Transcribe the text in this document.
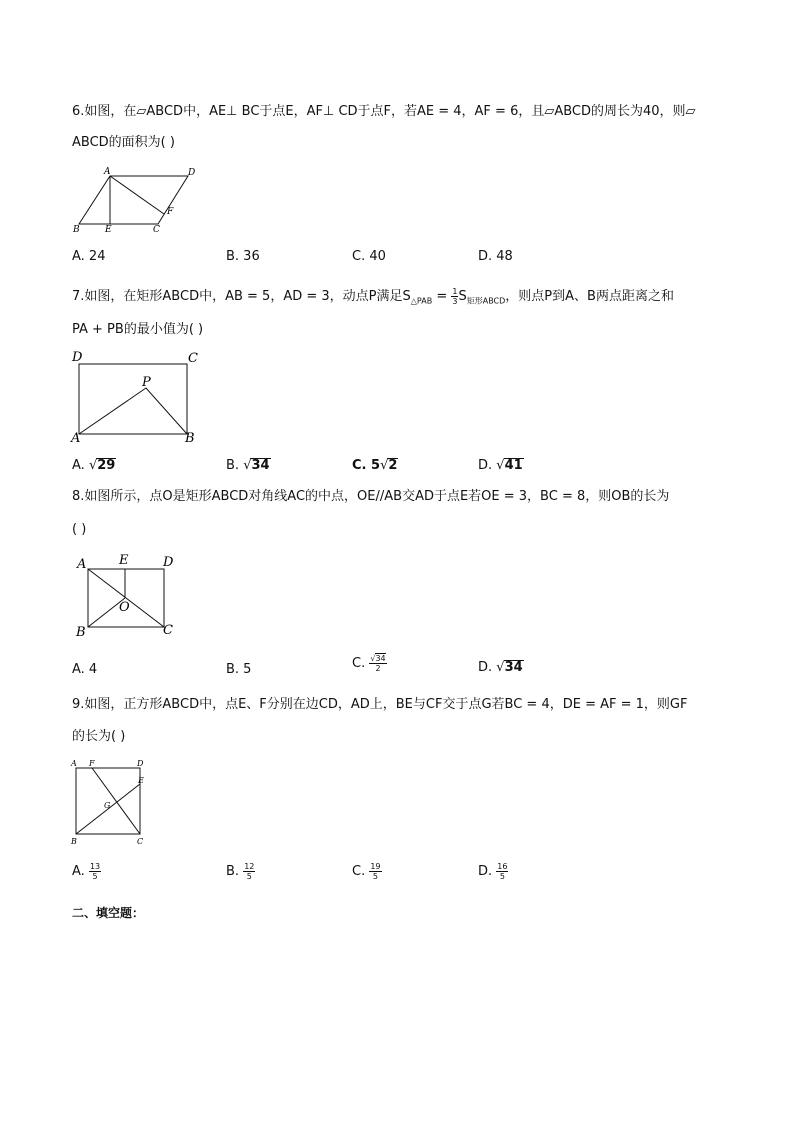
6.如图，在▱ABCD中，AE⊥ BC于点E，AF⊥ CD于点F，若AE = 4，AF = 6，且▱ABCD的周长为40，则▱
ABCD的面积为( )
A	D
F
B	E	C
A. 24	B. 36	C. 40	D. 48
7.如图，在矩形ABCD中，AB = 5，AD = 3，动点P满足$S_{\triangle PAB} = \frac{1}{3} S_{矩形ABCD}$，则点P到A、B两点距离之和
PA + PB的最小值为( )
D	C
P
A	B
A. √29	B. √34	C. 5√2	D. √41
8.如图所示，点O是矩形ABCD对角线AC的中点，OE//AB交AD于点E若OE = 3，BC = 8，则OB的长为
( )
A	E	D
O
B	C
A. 4	B. 5	C. $\frac{√34}{2}$	D. √34
9.如图，正方形ABCD中，点E、F分别在边CD，AD上，BE与CF交于点G若BC = 4，DE = AF = 1，则GF
的长为( )
A F	D
E
G
B	C
A. $\frac{13}{5}$	B. $\frac{12}{5}$	C. $\frac{19}{5}$	D. $\frac{16}{5}$
二、填空题：
